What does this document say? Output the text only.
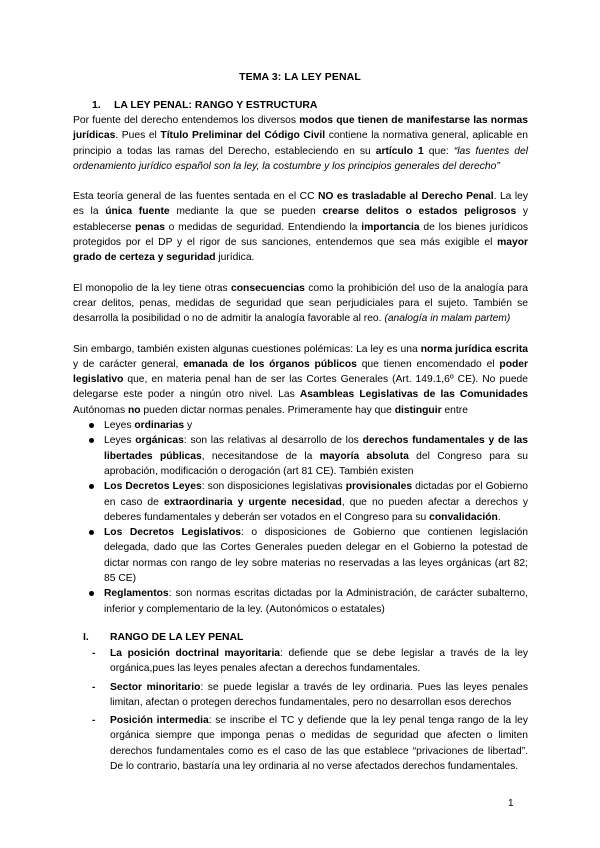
TEMA 3: LA LEY PENAL
1. LA LEY PENAL: RANGO Y ESTRUCTURA

Por fuente del derecho entendemos los diversos modos que tienen de manifestarse las normas jurídicas. Pues el Título Preliminar del Código Civil contiene la normativa general, aplicable en principio a todas las ramas del Derecho, estableciendo en su artículo 1 que: “las fuentes del ordenamiento jurídico español son la ley, la costumbre y los principios generales del derecho”

Esta teoría general de las fuentes sentada en el CC NO es trasladable al Derecho Penal. La ley es la única fuente mediante la que se pueden crearse delitos o estados peligrosos y establecerse penas o medidas de seguridad. Entendiendo la importancia de los bienes jurídicos protegidos por el DP y el rigor de sus sanciones, entendemos que sea más exigible el mayor grado de certeza y seguridad jurídica.

El monopolio de la ley tiene otras consecuencias como la prohibición del uso de la analogía para crear delitos, penas, medidas de seguridad que sean perjudiciales para el sujeto. También se desarrolla la posibilidad o no de admitir la analogía favorable al reo. (analogía in malam partem)

Sin embargo, también existen algunas cuestiones polémicas: La ley es una norma jurídica escrita y de carácter general, emanada de los órganos públicos que tienen encomendado el poder legislativo que, en materia penal han de ser las Cortes Generales (Art. 149.1,6º CE). No puede delegarse este poder a ningún otro nivel. Las Asambleas Legislativas de las Comunidades Autónomas no pueden dictar normas penales. Primeramente hay que distinguir entre

Leyes ordinarias y
Leyes orgánicas: son las relativas al desarrollo de los derechos fundamentales y de las libertades públicas, necesitandose de la mayoría absoluta del Congreso para su aprobación, modificación o derogación (art 81 CE). También existen
Los Decretos Leyes: son disposiciones legislativas provisionales dictadas por el Gobierno en caso de extraordinaria y urgente necesidad, que no pueden afectar a derechos y deberes fundamentales y deberán ser votados en el Congreso para su convalidación.
Los Decretos Legislativos: o disposiciones de Gobierno que contienen legislación delegada, dado que las Cortes Generales pueden delegar en el Gobierno la potestad de dictar normas con rango de ley sobre materias no reservadas a las leyes orgánicas (art 82; 85 CE)
Reglamentos: son normas escritas dictadas por la Administración, de carácter subalterno, inferior y complementario de la ley. (Autonómicos o estatales)
I. RANGO DE LA LEY PENAL
- La posición doctrinal mayoritaria: defiende que se debe legislar a través de la ley orgánica,pues las leyes penales afectan a derechos fundamentales.
- Sector minoritario: se puede legislar a través de ley ordinaria. Pues las leyes penales limitan, afectan o protegen derechos fundamentales, pero no desarrollan esos derechos
- Posición intermedia: se inscribe el TC y defiende que la ley penal tenga rango de la ley orgánica siempre que imponga penas o medidas de seguridad que afecten o limiten derechos fundamentales como es el caso de las que establece “privaciones de libertad”. De lo contrario, bastaría una ley ordinaria al no verse afectados derechos fundamentales.
1
